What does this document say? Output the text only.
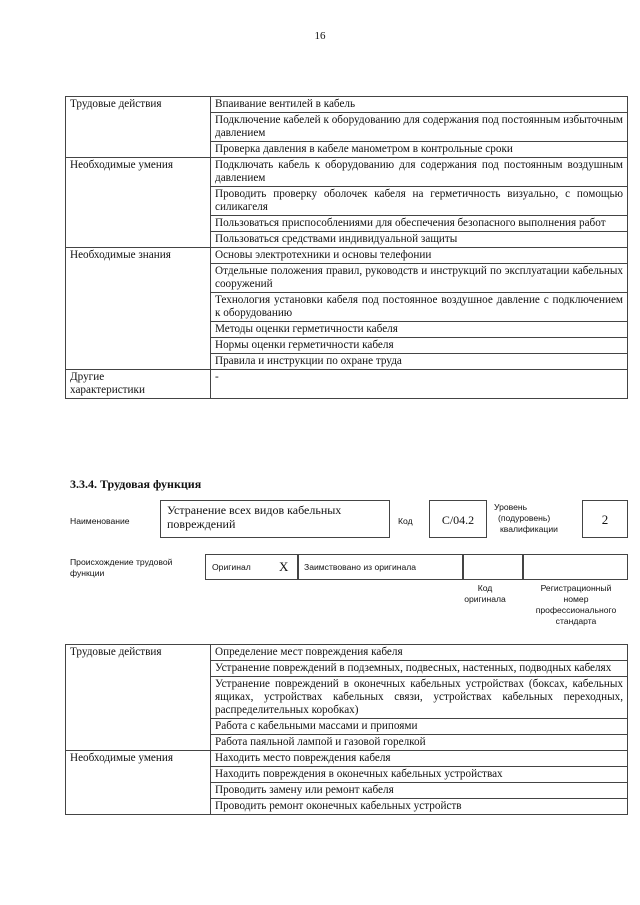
16
Трудовые действия	Впаивание вентилей в кабель
	Подключение кабелей к оборудованию для содержания под постоянным избыточным давлением
	Проверка давления в кабеле манометром в контрольные сроки
Необходимые умения	Подключать кабель к оборудованию для содержания под постоянным воздушным давлением
	Проводить проверку оболочек кабеля на герметичность визуально, с помощью силикагеля
	Пользоваться приспособлениями для обеспечения безопасного выполнения работ
	Пользоваться средствами индивидуальной защиты
Необходимые знания	Основы электротехники и основы телефонии
	Отдельные положения правил, руководств и инструкций по эксплуатации кабельных сооружений
	Технология установки кабеля под постоянное воздушное давление с подключением к оборудованию
	Методы оценки герметичности кабеля
	Нормы оценки герметичности кабеля
	Правила и инструкции по охране труда

Другие
характеристики	-
3.3.4. Трудовая функция
Наименование
Устранение всех видов кабельных повреждений	Код	C/04.2
Уровень
(подуровень)
квалификации
2
Происхождение трудовой
функции
Оригинал X Заимствовано из оригинала
Код
оригинала
Регистрационный
номер
профессионального
стандарта
Трудовые действия	Определение мест повреждения кабеля
	Устранение повреждений в подземных, подвесных, настенных, подводных кабелях
	Устранение повреждений в оконечных кабельных устройствах (боксах, кабельных ящиках, устройствах кабельных связи, устройствах кабельных переходных, распределительных коробках)
	Работа с кабельными массами и припоями
	Работа паяльной лампой и газовой горелкой
Необходимые умения	Находить место повреждения кабеля
	Находить повреждения в оконечных кабельных устройствах
	Проводить замену или ремонт кабеля
	Проводить ремонт оконечных кабельных устройств
